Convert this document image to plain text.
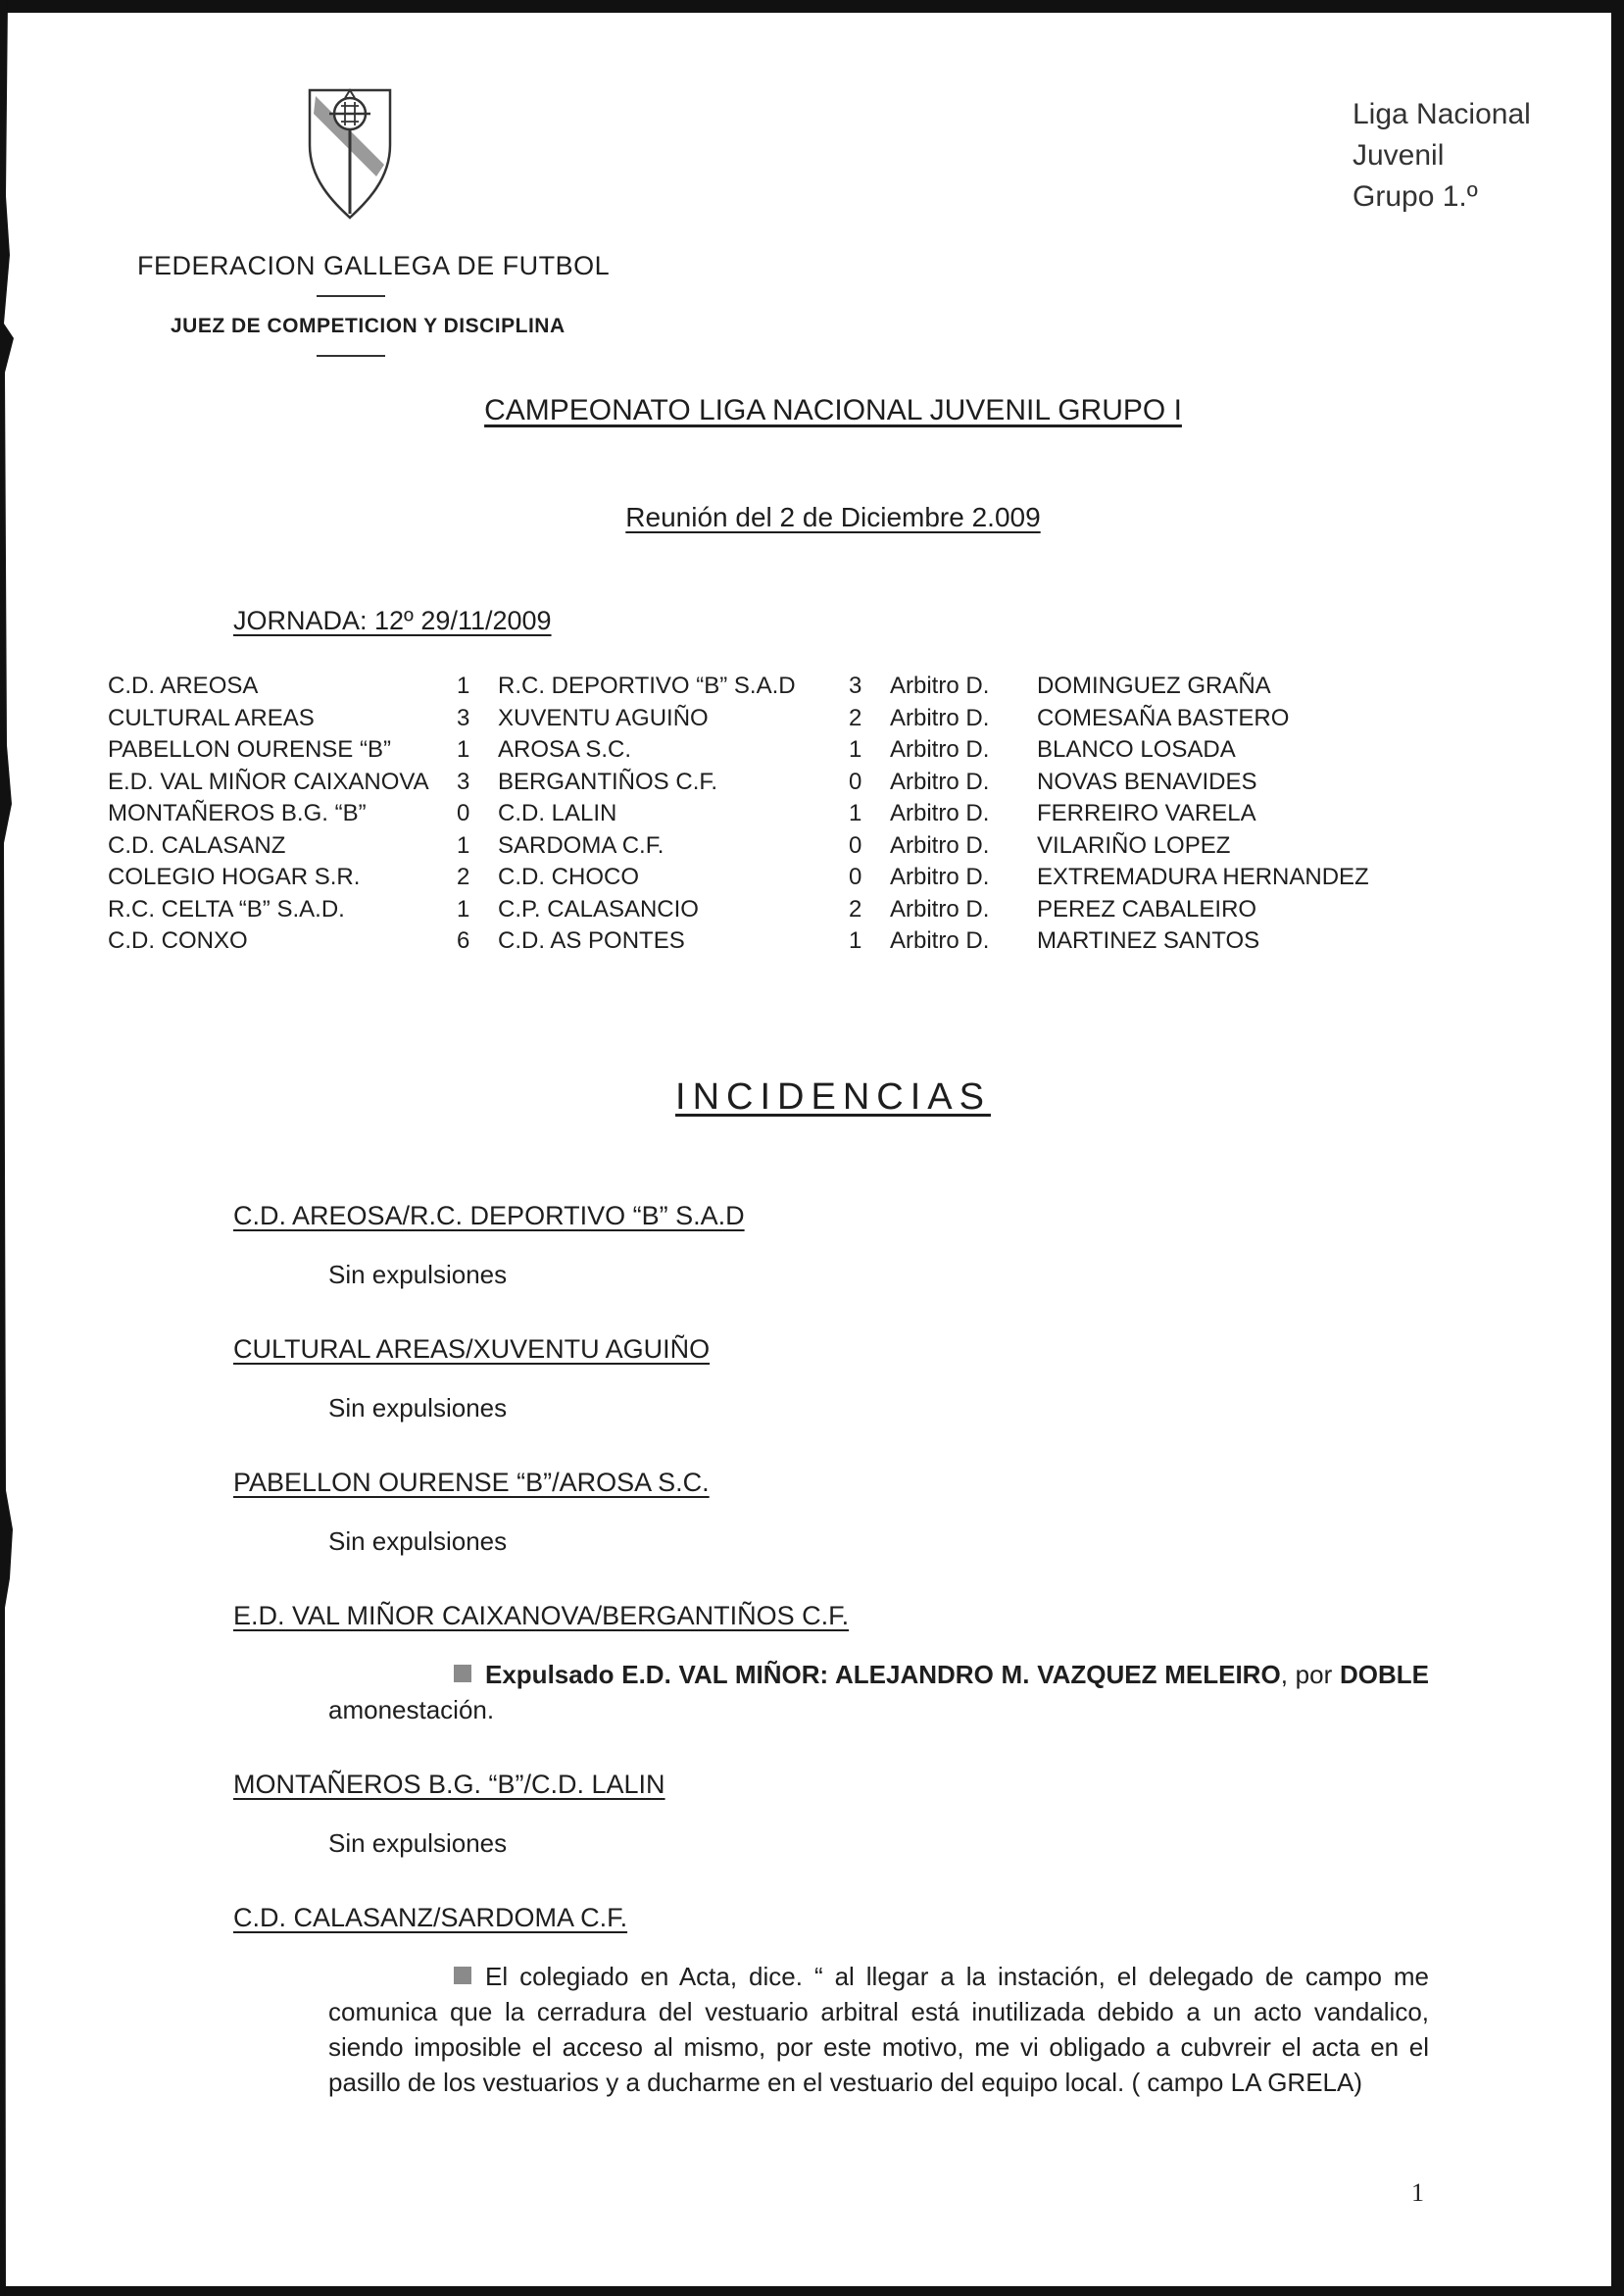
FEDERACION GALLEGA DE FUTBOL
JUEZ DE COMPETICION Y DISCIPLINA
Liga Nacional
Juvenil
Grupo 1.º
CAMPEONATO LIGA NACIONAL JUVENIL GRUPO I
Reunión del 2 de Diciembre 2.009
JORNADA: 12º 29/11/2009
C.D. AREOSA	1 R.C. DEPORTIVO “B” S.A.D 3 Arbitro D. DOMINGUEZ GRAÑA
CULTURAL AREAS	3 XUVENTU AGUIÑO	2 Arbitro D. COMESAÑA BASTERO
PABELLON OURENSE “B”	1 AROSA S.C.	1 Arbitro D. BLANCO LOSADA
E.D. VAL MIÑOR CAIXANOVA 3 BERGANTIÑOS C.F.	0 Arbitro D. NOVAS BENAVIDES
MONTAÑEROS B.G. “B”	0 C.D. LALIN	1 Arbitro D. FERREIRO VARELA
C.D. CALASANZ	1 SARDOMA C.F.	0 Arbitro D. VILARIÑO LOPEZ
COLEGIO HOGAR S.R.	2 C.D. CHOCO	0 Arbitro D. EXTREMADURA HERNANDEZ
R.C. CELTA “B” S.A.D.	1 C.P. CALASANCIO	2 Arbitro D. PEREZ CABALEIRO
C.D. CONXO	6 C.D. AS PONTES	1 Arbitro D. MARTINEZ SANTOS
INCIDENCIAS
C.D. AREOSA/R.C. DEPORTIVO “B” S.A.D
Sin expulsiones
CULTURAL AREAS/XUVENTU AGUIÑO
Sin expulsiones
PABELLON OURENSE “B”/AROSA S.C.
Sin expulsiones
E.D. VAL MIÑOR CAIXANOVA/BERGANTIÑOS C.F.
Expulsado E.D. VAL MIÑOR: ALEJANDRO M. VAZQUEZ MELEIRO, por DOBLE amonestación.
MONTAÑEROS B.G. “B”/C.D. LALIN
Sin expulsiones
C.D. CALASANZ/SARDOMA C.F.
El colegiado en Acta, dice. “ al llegar a la instación, el delegado de campo me comunica que la cerradura del vestuario arbitral está inutilizada debido a un acto vandalico, siendo imposible el acceso al mismo, por este motivo, me vi obligado a cubvreir el acta en el pasillo de los vestuarios y a ducharme en el vestuario del equipo local. ( campo LA GRELA)
1
